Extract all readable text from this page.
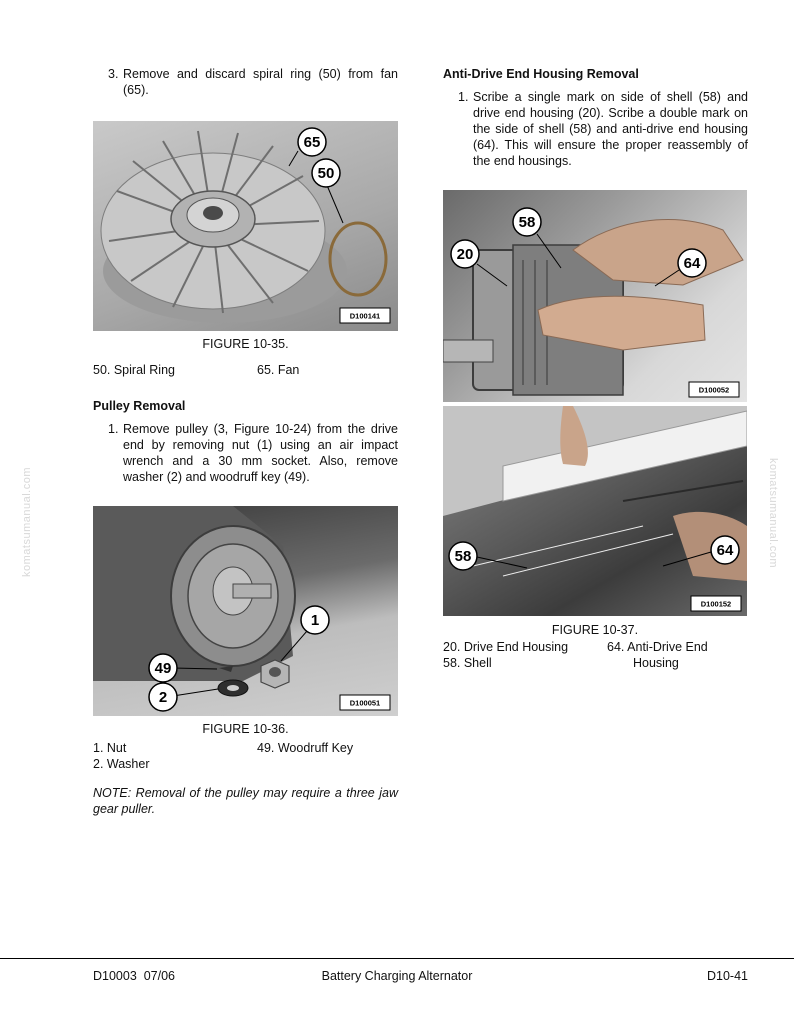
komatsumanual.com	komatsumanual.com
3. Remove and discard spiral ring (50) from fan (65).
65
50
D100141
FIGURE 10-35.
50. Spiral Ring	65. Fan
Pulley Removal
1. Remove pulley (3, Figure 10-24) from the drive end by removing nut (1) using an air impact wrench and a 30 mm socket. Also, remove washer (2) and woodruff key (49).
1
49
2	D100051
FIGURE 10-36.
1. Nut	49. Woodruff Key
2. Washer
NOTE: Removal of the pulley may require a three jaw gear puller.
Anti-Drive End Housing Removal
1. Scribe a single mark on side of shell (58) and drive end housing (20). Scribe a double mark on the side of shell (58) and anti-drive end housing (64). This will ensure the proper reassembly of the end housings.
58
20
64
D100052
58	64
D100152
FIGURE 10-37.
20. Drive End Housing	64. Anti-Drive End
Housing
58. Shell
D10003  07/06	Battery Charging Alternator	D10-41
